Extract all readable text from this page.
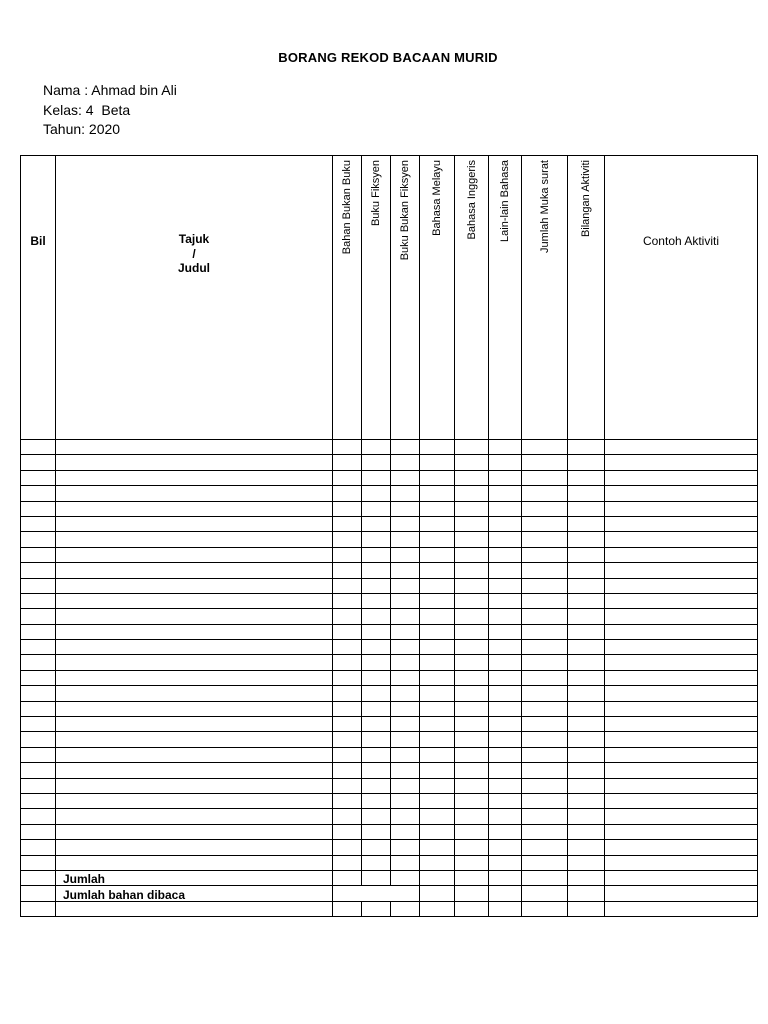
BORANG REKOD BACAAN MURID
Nama : Ahmad bin Ali
Kelas: 4  Beta
Tahun: 2020
Bil	Tajuk
/
Judul	Bahan Bukan Buku	Buku Fiksyen	Buku Bukan Fiksyen	Bahasa Melayu	Bahasa Inggeris	Lain-lain Bahasa	Jumlah Muka surat	Bilangan Aktiviti	Contoh Aktiviti

	Jumlah									
	Jumlah bahan dibaca									
